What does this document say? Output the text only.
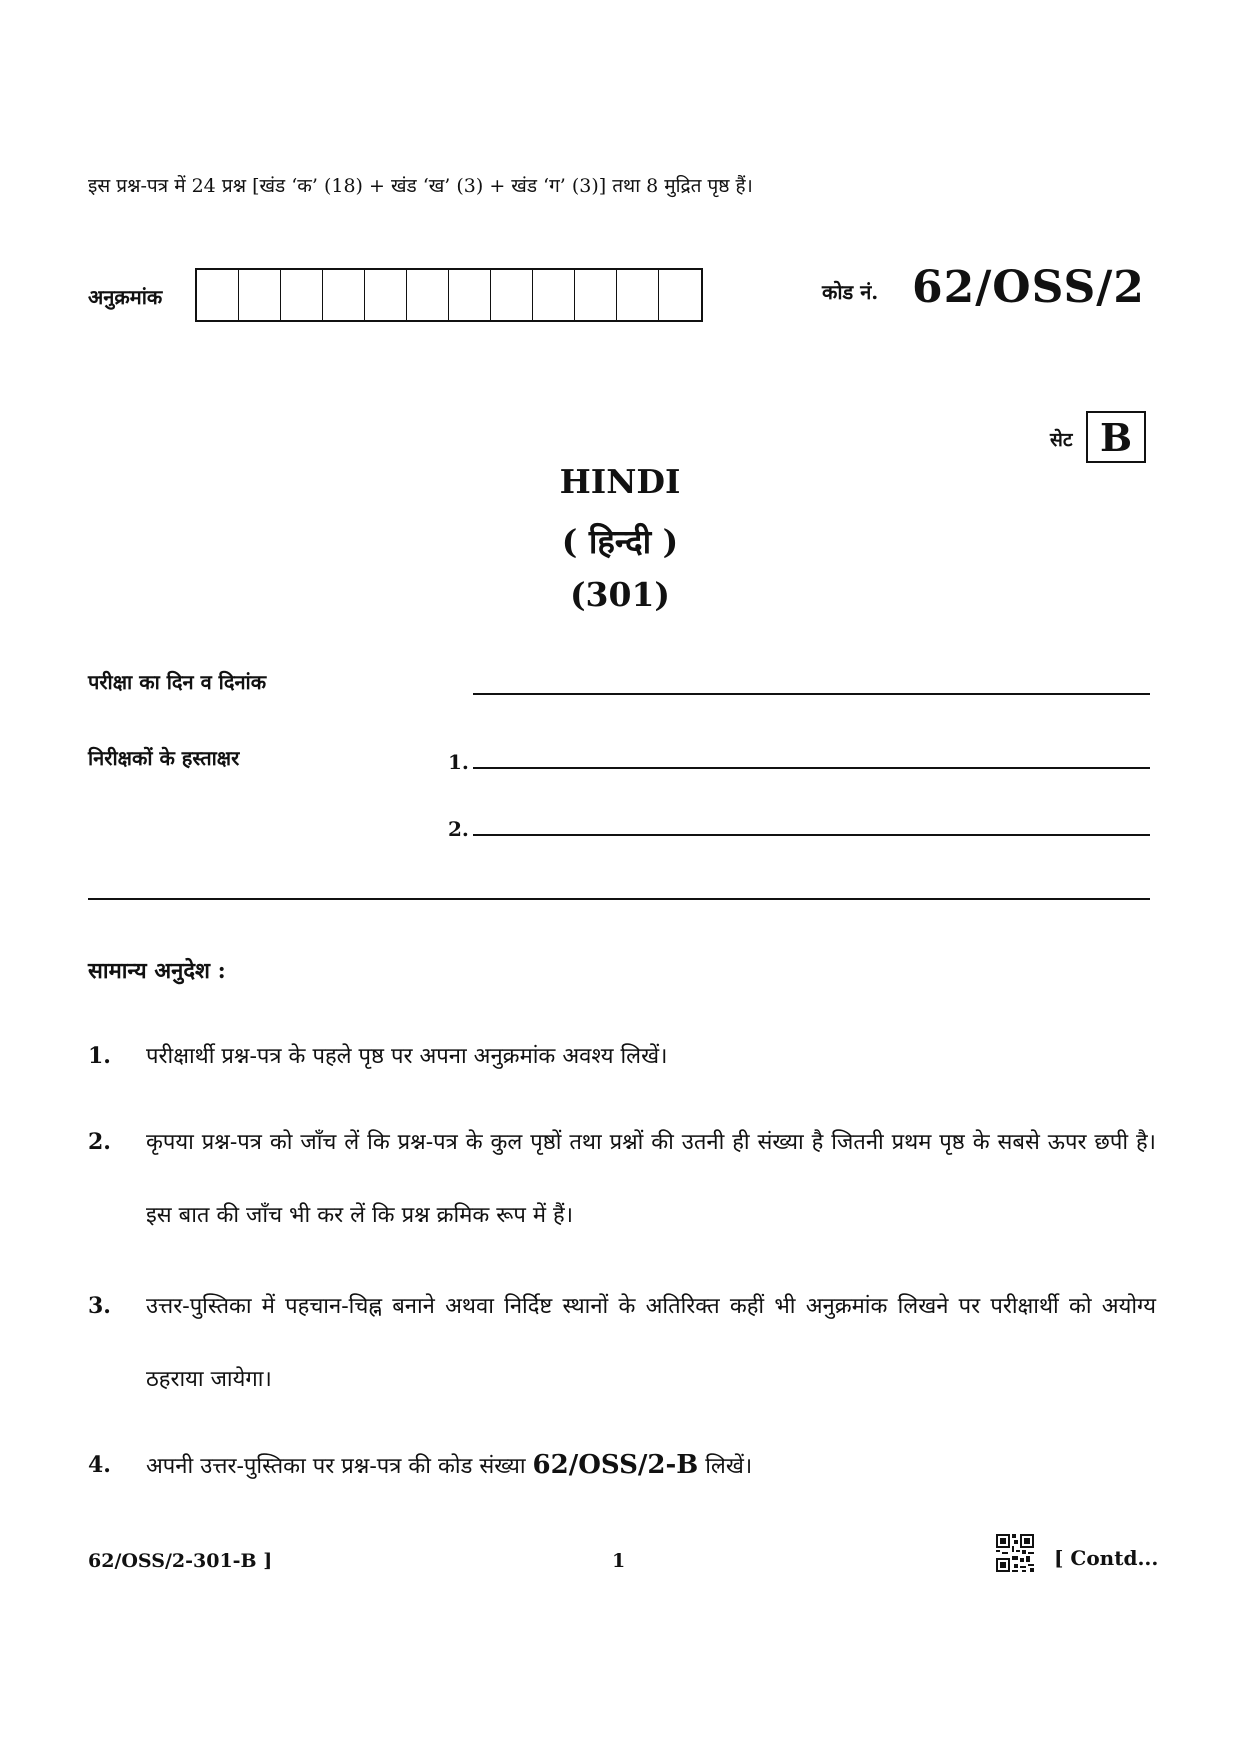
इस प्रश्न-पत्र में 24 प्रश्न [खंड ‘क’ (18) + खंड ‘ख’ (3) + खंड ‘ग’ (3)] तथा 8 मुद्रित पृष्ठ हैं।
अनुक्रमांक	कोड नं. 62/OSS/2
सेट B
HINDI
( हिन्दी )
(301)
परीक्षा का दिन व दिनांक
निरीक्षकों के हस्ताक्षर	1.
2.
सामान्य अनुदेश :
1. परीक्षार्थी प्रश्न-पत्र के पहले पृष्ठ पर अपना अनुक्रमांक अवश्य लिखें।
2. कृपया प्रश्न-पत्र को जाँच लें कि प्रश्न-पत्र के कुल पृष्ठों तथा प्रश्नों की उतनी ही संख्या है जितनी प्रथम पृष्ठ के सबसे ऊपर छपी है। इस बात की जाँच भी कर लें कि प्रश्न क्रमिक रूप में हैं।
3. उत्तर-पुस्तिका में पहचान-चिह्न बनाने अथवा निर्दिष्ट स्थानों के अतिरिक्त कहीं भी अनुक्रमांक लिखने पर परीक्षार्थी को अयोग्य ठहराया जायेगा।
4. अपनी उत्तर-पुस्तिका पर प्रश्न-पत्र की कोड संख्या 62/OSS/2-B लिखें।
62/OSS/2-301-B ]	1	[ Contd...
